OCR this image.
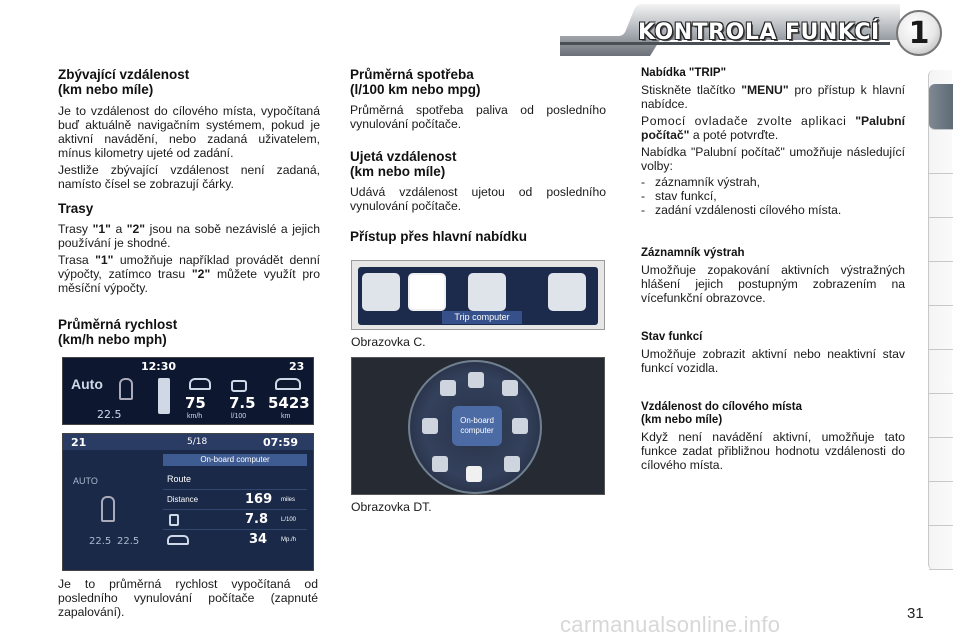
KONTROLA FUNKCÍ 1
Zbývající vzdálenost
(km nebo míle)

Je to vzdálenost do cílového místa, vypočítaná buď aktuálně navigačním systémem, pokud je aktivní navádění, nebo zadaná uživatelem, mínus kilometry ujeté od zadání.

Jestliže zbývající vzdálenost není zadaná, namísto čísel se zobrazují čárky.

Trasy

Trasy "1" a "2" jsou na sobě nezávislé a jejich používání je shodné.

Trasa "1" umožňuje například provádět denní výpočty, zatímco trasu "2" můžete využít pro měsíční výpočty.

Průměrná rychlost
(km/h nebo mph)
12:30	23
Auto
22.5
75 7.5 5423
km/h	l/100	km
21	5/18	07:59
On-board computer
AUTO
22.5 22.5
Route
Distance	169 miles
7.8 L/100
34 Mp./h
Je to průměrná rychlost vypočítaná od posledního vynulování počítače (zapnuté zapalování).
Průměrná spotřeba
(l/100 km nebo mpg)

Průměrná spotřeba paliva od posledního vynulování počítače.

Ujetá vzdálenost
(km nebo míle)

Udává vzdálenost ujetou od posledního vynulování počítače.

Přístup přes hlavní nabídku
Trip computer
Obrazovka C.
On-board computer
Obrazovka DT.
Nabídka "TRIP"

Stiskněte tlačítko "MENU" pro přístup k hlavní nabídce.

Pomocí ovladače zvolte aplikaci "Palubní počítač" a poté potvrďte.

Nabídka "Palubní počítač" umožňuje následující volby:

- záznamník výstrah,
- stav funkcí,
- zadání vzdálenosti cílového místa.
Záznamník výstrah

Umožňuje zopakování aktivních výstražných hlášení jejich postupným zobrazením na vícefunkční obrazovce.

Stav funkcí

Umožňuje zobrazit aktivní nebo neaktivní stav funkcí vozidla.

Vzdálenost do cílového místa
(km nebo míle)

Když není navádění aktivní, umožňuje tato funkce zadat přibližnou hodnotu vzdálenosti do cílového místa.

carmanualsonline.info	31
